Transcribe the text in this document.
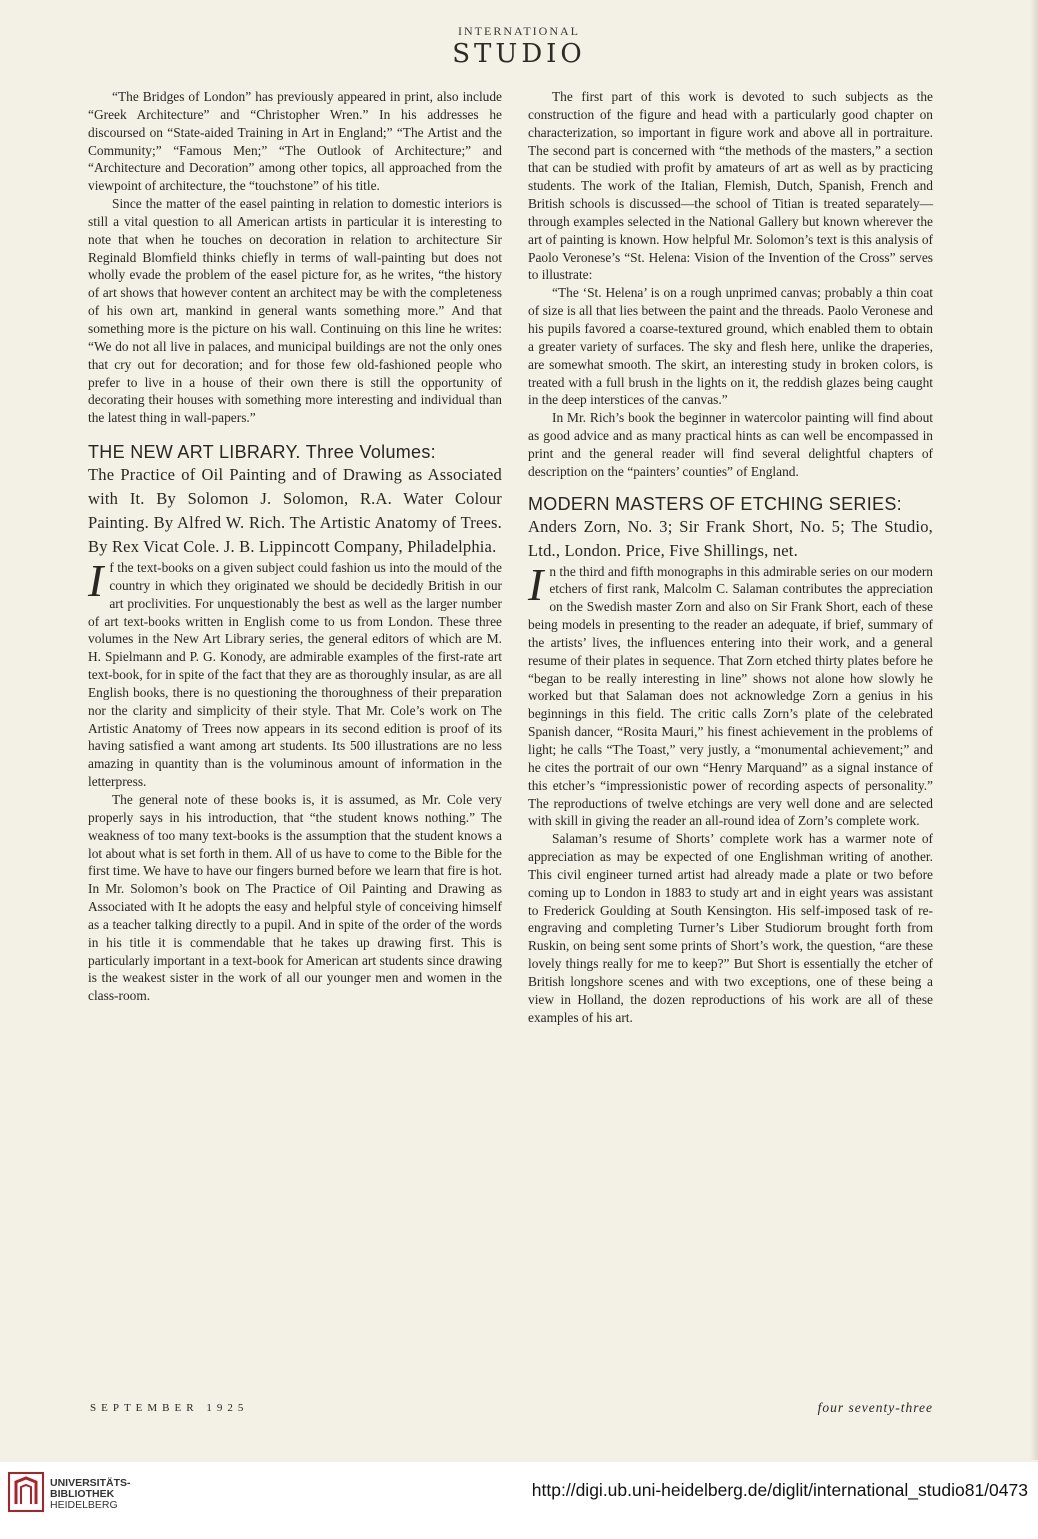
INTERNATIONAL
STUDIO

“The Bridges of London” has previously appeared in print, also include “Greek Architecture” and “Christopher Wren.” In his addresses he discoursed on “State-aided Training in Art in England;” “The Artist and the Community;” “Famous Men;” “The Outlook of Architecture;” and “Architecture and Decoration” among other topics, all approached from the viewpoint of architecture, the “touchstone” of his title.

Since the matter of the easel painting in relation to domestic interiors is still a vital question to all American artists in particular it is interesting to note that when he touches on decoration in relation to architecture Sir Reginald Blomfield thinks chiefly in terms of wall-painting but does not wholly evade the problem of the easel picture for, as he writes, “the history of art shows that however content an architect may be with the completeness of his own art, mankind in general wants something more.” And that something more is the picture on his wall. Continuing on this line he writes: “We do not all live in palaces, and municipal buildings are not the only ones that cry out for decoration; and for those few old-fashioned people who prefer to live in a house of their own there is still the opportunity of decorating their houses with something more interesting and individual than the latest thing in wall-papers.”

THE NEW ART LIBRARY. Three Volumes:

The Practice of Oil Painting and of Drawing as Associated with It. By Solomon J. Solomon, R.A. Water Colour Painting. By Alfred W. Rich. The Artistic Anatomy of Trees. By Rex Vicat Cole. J. B. Lippincott Company, Philadelphia.

If the text-books on a given subject could fashion us into the mould of the country in which they originated we should be decidedly British in our art proclivities. For unquestionably the best as well as the larger number of art text-books written in English come to us from London. These three volumes in the New Art Library series, the general editors of which are M. H. Spielmann and P. G. Konody, are admirable examples of the first-rate art text-book, for in spite of the fact that they are as thoroughly insular, as are all English books, there is no questioning the thoroughness of their preparation nor the clarity and simplicity of their style. That Mr. Cole’s work on The Artistic Anatomy of Trees now appears in its second edition is proof of its having satisfied a want among art students. Its 500 illustrations are no less amazing in quantity than is the voluminous amount of information in the letterpress.

The general note of these books is, it is assumed, as Mr. Cole very properly says in his introduction, that “the student knows nothing.” The weakness of too many text-books is the assumption that the student knows a lot about what is set forth in them. All of us have to come to the Bible for the first time. We have to have our fingers burned before we learn that fire is hot. In Mr. Solomon’s book on The Practice of Oil Painting and Drawing as Associated with It he adopts the easy and helpful style of conceiving himself as a teacher talking directly to a pupil. And in spite of the order of the words in his title it is commendable that he takes up drawing first. This is particularly important in a text-book for American art students since drawing is the weakest sister in the work of all our younger men and women in the class-room.

The first part of this work is devoted to such subjects as the construction of the figure and head with a particularly good chapter on characterization, so important in figure work and above all in portraiture. The second part is concerned with “the methods of the masters,” a section that can be studied with profit by amateurs of art as well as by practicing students. The work of the Italian, Flemish, Dutch, Spanish, French and British schools is discussed—the school of Titian is treated separately—through examples selected in the National Gallery but known wherever the art of painting is known. How helpful Mr. Solomon’s text is this analysis of Paolo Veronese’s “St. Helena: Vision of the Invention of the Cross” serves to illustrate:

“The ‘St. Helena’ is on a rough unprimed canvas; probably a thin coat of size is all that lies between the paint and the threads. Paolo Veronese and his pupils favored a coarse-textured ground, which enabled them to obtain a greater variety of surfaces. The sky and flesh here, unlike the draperies, are somewhat smooth. The skirt, an interesting study in broken colors, is treated with a full brush in the lights on it, the reddish glazes being caught in the deep interstices of the canvas.”

In Mr. Rich’s book the beginner in watercolor painting will find about as good advice and as many practical hints as can well be encompassed in print and the general reader will find several delightful chapters of description on the “painters’ counties” of England.

MODERN MASTERS OF ETCHING SERIES:

Anders Zorn, No. 3; Sir Frank Short, No. 5; The Studio, Ltd., London. Price, Five Shillings, net.

In the third and fifth monographs in this admirable series on our modern etchers of first rank, Malcolm C. Salaman contributes the appreciation on the Swedish master Zorn and also on Sir Frank Short, each of these being models in presenting to the reader an adequate, if brief, summary of the artists’ lives, the influences entering into their work, and a general resume of their plates in sequence. That Zorn etched thirty plates before he “began to be really interesting in line” shows not alone how slowly he worked but that Salaman does not acknowledge Zorn a genius in his beginnings in this field. The critic calls Zorn’s plate of the celebrated Spanish dancer, “Rosita Mauri,” his finest achievement in the problems of light; he calls “The Toast,” very justly, a “monumental achievement;” and he cites the portrait of our own “Henry Marquand” as a signal instance of this etcher’s “impressionistic power of recording aspects of personality.” The reproductions of twelve etchings are very well done and are selected with skill in giving the reader an all-round idea of Zorn’s complete work.

Salaman’s resume of Shorts’ complete work has a warmer note of appreciation as may be expected of one Englishman writing of another. This civil engineer turned artist had already made a plate or two before coming up to London in 1883 to study art and in eight years was assistant to Frederick Goulding at South Kensington. His self-imposed task of re-engraving and completing Turner’s Liber Studiorum brought forth from Ruskin, on being sent some prints of Short’s work, the question, “are these lovely things really for me to keep?” But Short is essentially the etcher of British longshore scenes and with two exceptions, one of these being a view in Holland, the dozen reproductions of his work are all of these examples of his art.

SEPTEMBER 1925	four seventy-three
UNIVERSITÄTS-
BIBLIOTHEK
HEIDELBERG
http://digi.ub.uni-heidelberg.de/diglit/international_studio81/0473
